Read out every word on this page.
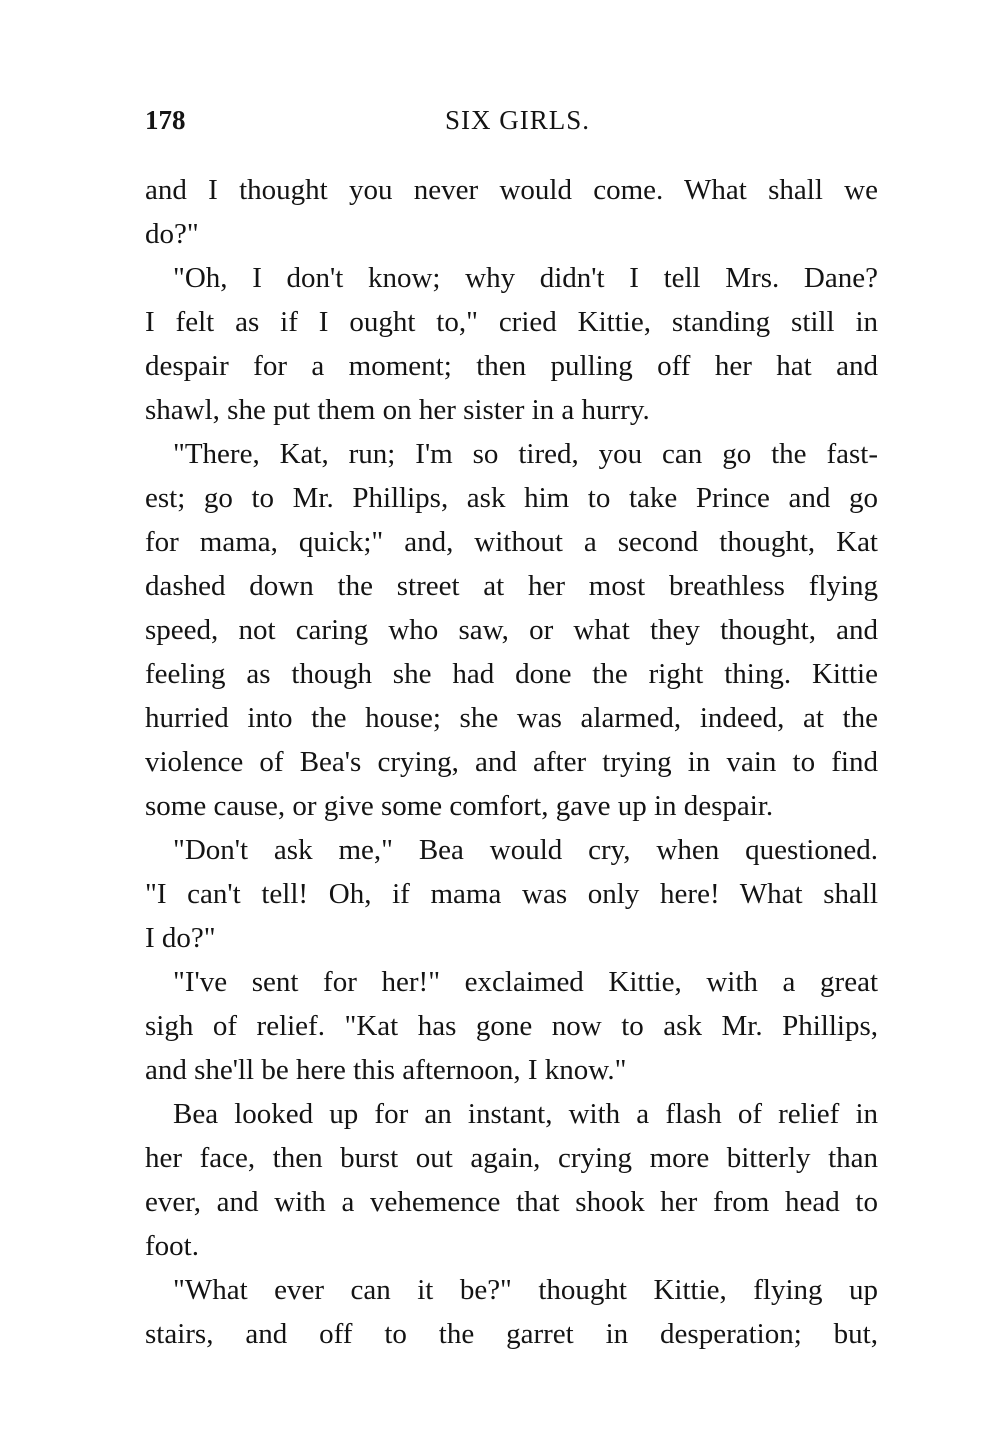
178	SIX GIRLS.
and I thought you never would come. What shall we
do?"
"Oh, I don't know; why didn't I tell Mrs. Dane?
I felt as if I ought to," cried Kittie, standing still in
despair for a moment; then pulling off her hat and
shawl, she put them on her sister in a hurry.
"There, Kat, run; I'm so tired, you can go the fast-
est; go to Mr. Phillips, ask him to take Prince and go
for mama, quick;" and, without a second thought, Kat
dashed down the street at her most breathless flying
speed, not caring who saw, or what they thought, and
feeling as though she had done the right thing. Kittie
hurried into the house; she was alarmed, indeed, at the
violence of Bea's crying, and after trying in vain to find
some cause, or give some comfort, gave up in despair.
"Don't ask me," Bea would cry, when questioned.
"I can't tell! Oh, if mama was only here! What shall
I do?"
"I've sent for her!" exclaimed Kittie, with a great
sigh of relief. "Kat has gone now to ask Mr. Phillips,
and she'll be here this afternoon, I know."
Bea looked up for an instant, with a flash of relief in
her face, then burst out again, crying more bitterly than
ever, and with a vehemence that shook her from head to
foot.
"What ever can it be?" thought Kittie, flying up
stairs, and off to the garret in desperation; but,
